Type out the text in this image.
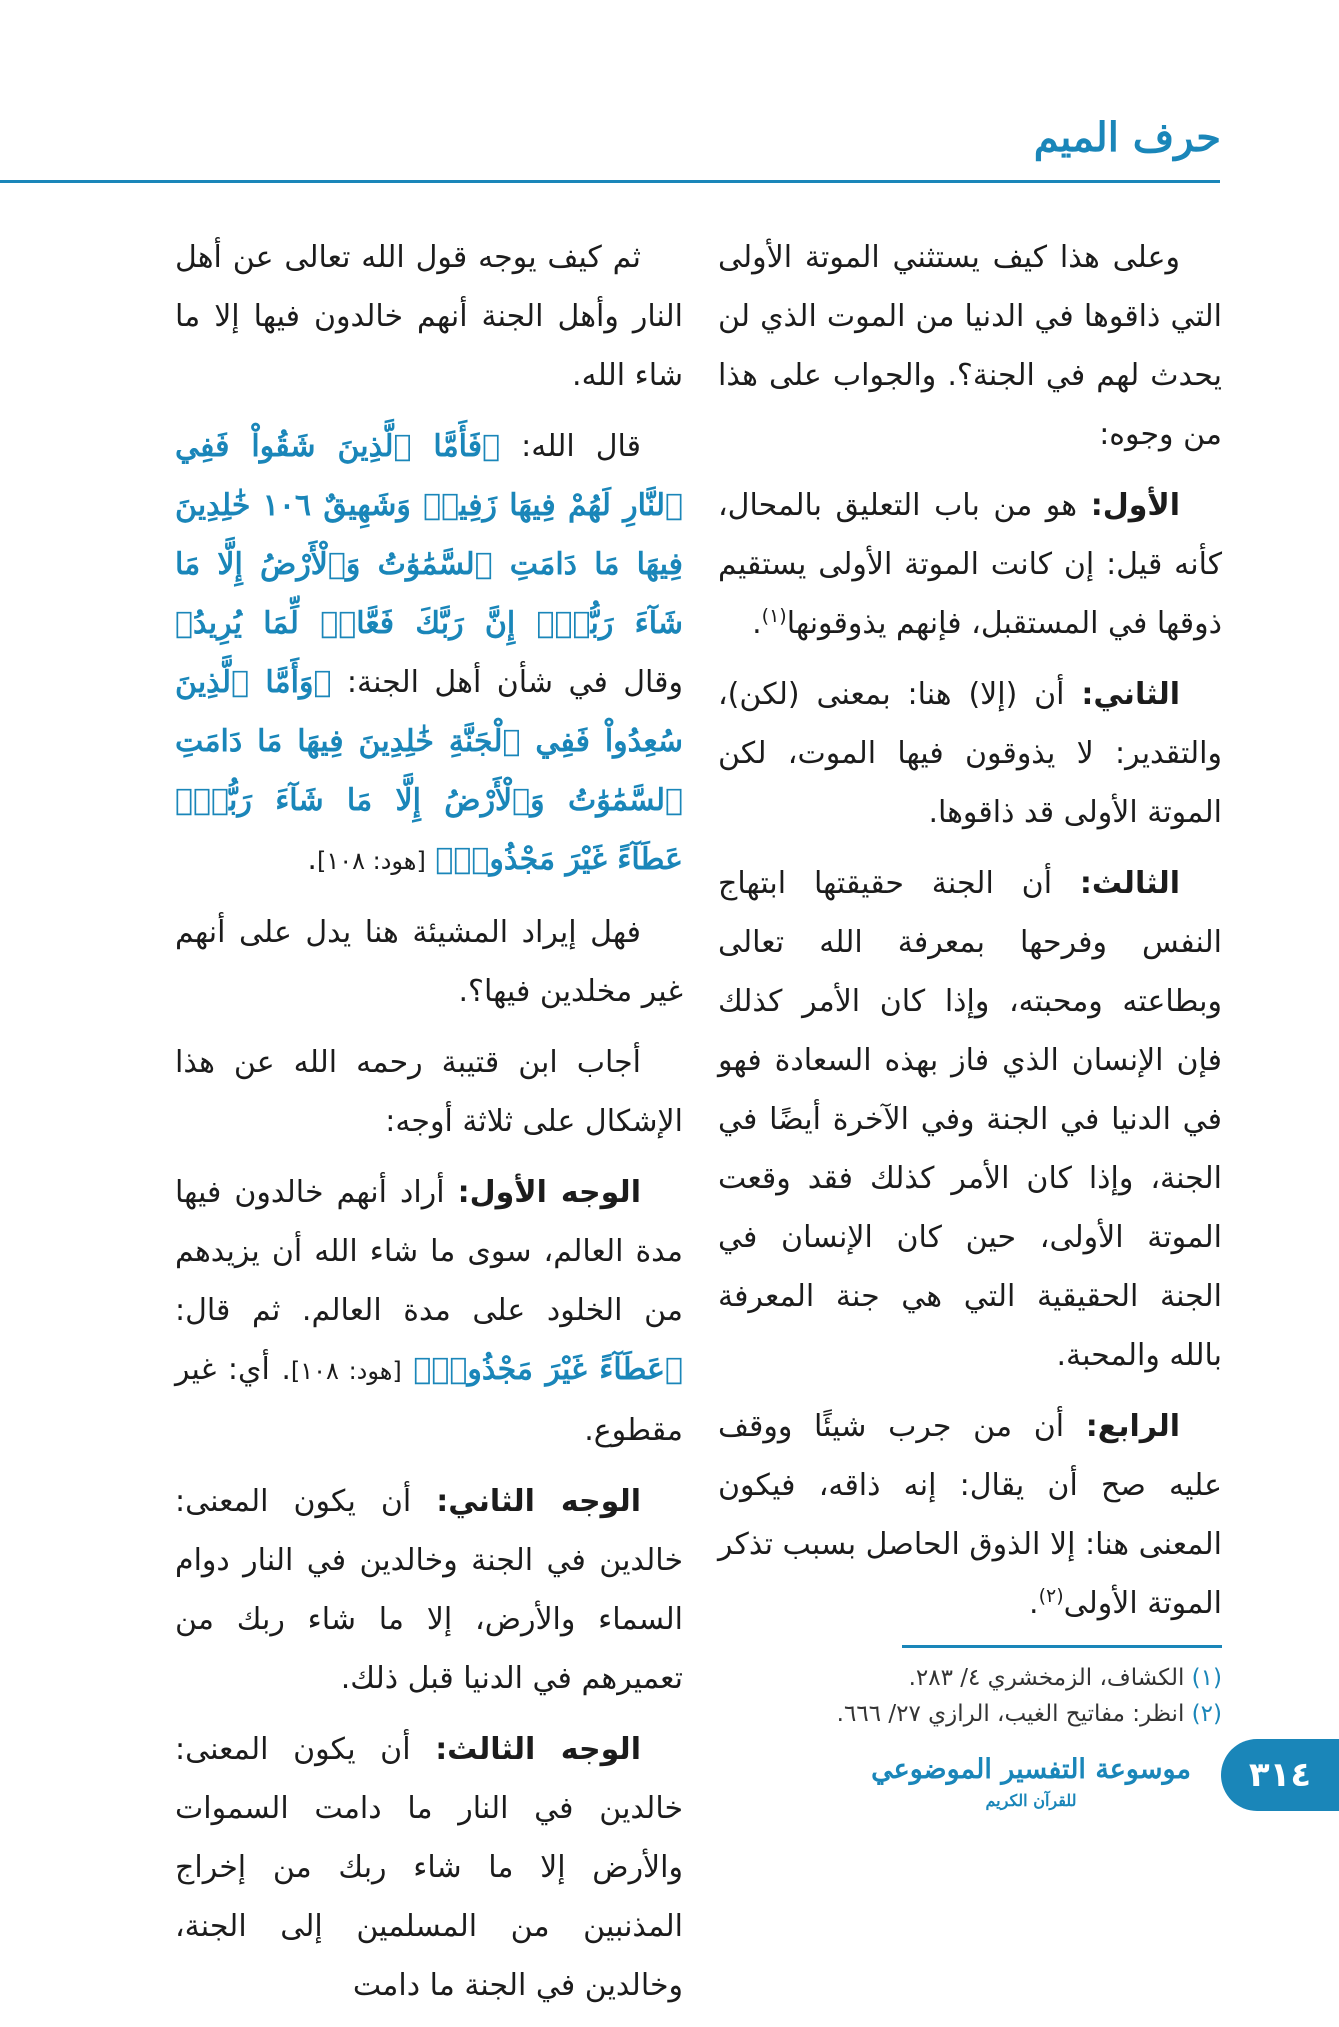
حرف الميم

وعلى هذا كيف يستثني الموتة الأولى التي ذاقوها في الدنيا من الموت الذي لن يحدث لهم في الجنة؟. والجواب على هذا من وجوه:

الأول: هو من باب التعليق بالمحال، كأنه قيل: إن كانت الموتة الأولى يستقيم ذوقها في المستقبل، فإنهم يذوقونها$^{(١)}$.

الثاني: أن (إلا) هنا: بمعنى (لكن)، والتقدير: لا يذوقون فيها الموت، لكن الموتة الأولى قد ذاقوها.

الثالث: أن الجنة حقيقتها ابتهاج النفس وفرحها بمعرفة الله تعالى وبطاعته ومحبته، وإذا كان الأمر كذلك فإن الإنسان الذي فاز بهذه السعادة فهو في الدنيا في الجنة وفي الآخرة أيضًا في الجنة، وإذا كان الأمر كذلك فقد وقعت الموتة الأولى، حين كان الإنسان في الجنة الحقيقية التي هي جنة المعرفة بالله والمحبة.

الرابع: أن من جرب شيئًا ووقف عليه صح أن يقال: إنه ذاقه، فيكون المعنى هنا: إلا الذوق الحاصل بسبب تذكر الموتة الأولى$^{(٢)}$.

ثم كيف يوجه قول الله تعالى عن أهل النار وأهل الجنة أنهم خالدون فيها إلا ما شاء الله.

قال الله: ﴿فَأَمَّا ٱلَّذِينَ شَقُواْ فَفِي ٱلنَّارِ لَهُمْ فِيهَا زَفِيرٞ وَشَهِيقٌ ١٠٦ خَٰلِدِينَ فِيهَا مَا دَامَتِ ٱلسَّمَٰوَٰتُ وَٱلْأَرْضُ إِلَّا مَا شَآءَ رَبُّكَۚ إِنَّ رَبَّكَ فَعَّالٞ لِّمَا يُرِيدُ﴾ وقال في شأن أهل الجنة: ﴿وَأَمَّا ٱلَّذِينَ سُعِدُواْ فَفِي ٱلْجَنَّةِ خَٰلِدِينَ فِيهَا مَا دَامَتِ ٱلسَّمَٰوَٰتُ وَٱلْأَرْضُ إِلَّا مَا شَآءَ رَبُّكَۖ عَطَآءً غَيْرَ مَجْذُوذٖ﴾ [هود: ١٠٨].

فهل إيراد المشيئة هنا يدل على أنهم غير مخلدين فيها؟.

أجاب ابن قتيبة رحمه الله عن هذا الإشكال على ثلاثة أوجه:

الوجه الأول: أراد أنهم خالدون فيها مدة العالم، سوى ما شاء الله أن يزيدهم من الخلود على مدة العالم. ثم قال: ﴿عَطَآءً غَيْرَ مَجْذُوذٖ﴾ [هود: ١٠٨]. أي: غير مقطوع.

الوجه الثاني: أن يكون المعنى: خالدين في الجنة وخالدين في النار دوام السماء والأرض، إلا ما شاء ربك من تعميرهم في الدنيا قبل ذلك.

الوجه الثالث: أن يكون المعنى: خالدين في النار ما دامت السموات والأرض إلا ما شاء ربك من إخراج المذنبين من المسلمين إلى الجنة، وخالدين في الجنة ما دامت

(١) الكشاف، الزمخشري ٤/ ٢٨٣.
(٢) انظر: مفاتيح الغيب، الرازي ٢٧/ ٦٦٦.
موسوعة التفسير الموضوعي
للقرآن الكريم
٣١٤
